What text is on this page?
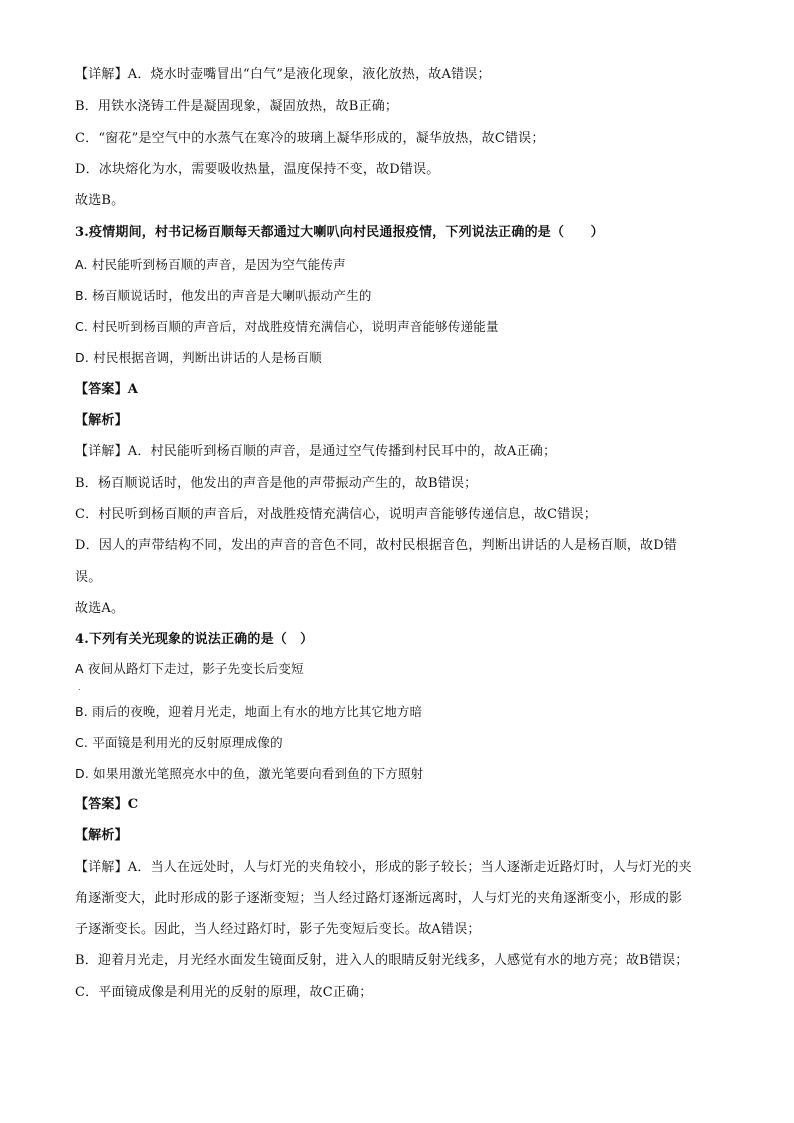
【详解】A．烧水时壶嘴冒出“白气”是液化现象，液化放热，故A错误；
B．用铁水浇铸工件是凝固现象，凝固放热，故B正确；
C．“窗花”是空气中的水蒸气在寒冷的玻璃上凝华形成的，凝华放热，故C错误；
D．冰块熔化为水，需要吸收热量，温度保持不变，故D错误。
故选B。
3.疫情期间，村书记杨百顺每天都通过大喇叭向村民通报疫情，下列说法正确的是（　　）
A. 村民能听到杨百顺的声音，是因为空气能传声
B. 杨百顺说话时，他发出的声音是大喇叭振动产生的
C. 村民听到杨百顺的声音后，对战胜疫情充满信心，说明声音能够传递能量
D. 村民根据音调，判断出讲话的人是杨百顺
【答案】A
【解析】
【详解】A．村民能听到杨百顺的声音，是通过空气传播到村民耳中的，故A正确；
B．杨百顺说话时，他发出的声音是他的声带振动产生的，故B错误；
C．村民听到杨百顺的声音后，对战胜疫情充满信心，说明声音能够传递信息，故C错误；
D．因人的声带结构不同，发出的声音的音色不同，故村民根据音色，判断出讲话的人是杨百顺，故D错
误。
故选A。
4.下列有关光现象的说法正确的是（　）
A 夜间从路灯下走过，影子先变长后变短
.
B. 雨后的夜晚，迎着月光走，地面上有水的地方比其它地方暗
C. 平面镜是利用光的反射原理成像的
D. 如果用激光笔照亮水中的鱼，激光笔要向看到鱼的下方照射
【答案】C
【解析】
【详解】A．当人在远处时，人与灯光的夹角较小，形成的影子较长；当人逐渐走近路灯时，人与灯光的夹
角逐渐变大，此时形成的影子逐渐变短；当人经过路灯逐渐远离时，人与灯光的夹角逐渐变小，形成的影
子逐渐变长。因此，当人经过路灯时，影子先变短后变长。故A错误；
B．迎着月光走，月光经水面发生镜面反射，进入人的眼睛反射光线多，人感觉有水的地方亮；故B错误；
C．平面镜成像是利用光的反射的原理，故C正确；
